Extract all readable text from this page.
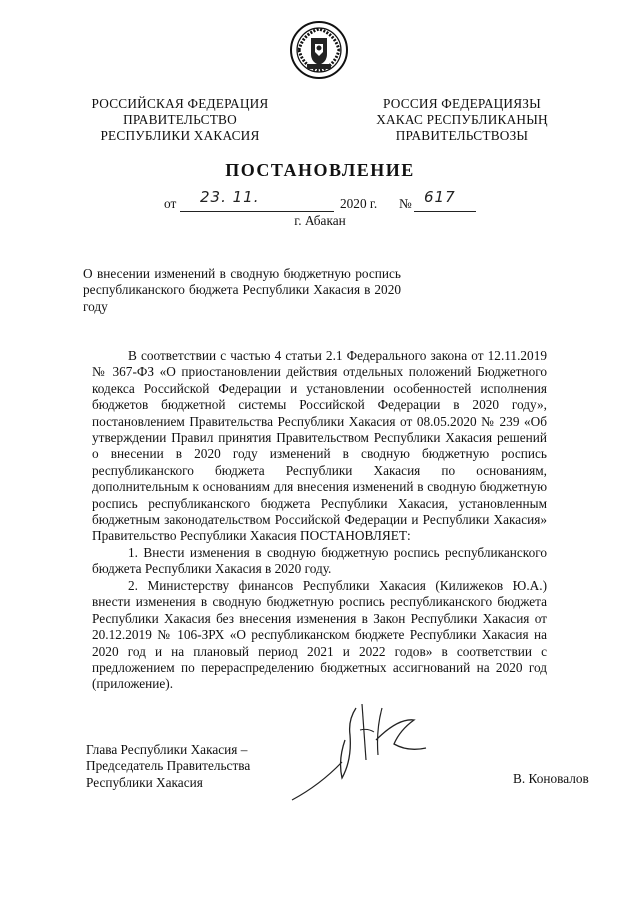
РОССИЙСКАЯ ФЕДЕРАЦИЯ
ПРАВИТЕЛЬСТВО
РЕСПУБЛИКИ ХАКАСИЯ
РОССИЯ ФЕДЕРАЦИЯЗЫ
ХАКАС РЕСПУБЛИКАНЫҢ
ПРАВИТЕЛЬСТВОЗЫ
ПОСТАНОВЛЕНИЕ
от 23. 11.	2020 г. № 617
г. Абакан
О внесении изменений в сводную бюджетную роспись республиканского бюджета Республики Хакасия в 2020 году

В соответствии с частью 4 статьи 2.1 Федерального закона от 12.11.2019 № 367-ФЗ «О приостановлении действия отдельных положений Бюджетного кодекса Российской Федерации и установлении особенностей исполнения бюджетов бюджетной системы Российской Федерации в 2020 году», постановлением Правительства Республики Хакасия от 08.05.2020 № 239 «Об утверждении Правил принятия Правительством Республики Хакасия решений о внесении в 2020 году изменений в сводную бюджетную роспись республиканского бюджета Республики Хакасия по основаниям, дополнительным к основаниям для внесения изменений в сводную бюджетную роспись республиканского бюджета Республики Хакасия, установленным бюджетным законодательством Российской Федерации и Республики Хакасия» Правительство Республики Хакасия ПОСТАНОВЛЯЕТ:

1. Внести изменения в сводную бюджетную роспись республиканского бюджета Республики Хакасия в 2020 году.

2. Министерству финансов Республики Хакасия (Килижеков Ю.А.) внести изменения в сводную бюджетную роспись республиканского бюджета Республики Хакасия без внесения изменения в Закон Республики Хакасия от 20.12.2019 № 106-ЗРХ «О республиканском бюджете Республики Хакасия на 2020 год и на плановый период 2021 и 2022 годов» в соответствии с предложением по перераспределению бюджетных ассигнований на 2020 год (приложение).

Глава Республики Хакасия –
Председатель Правительства
Республики Хакасия	В. Коновалов
